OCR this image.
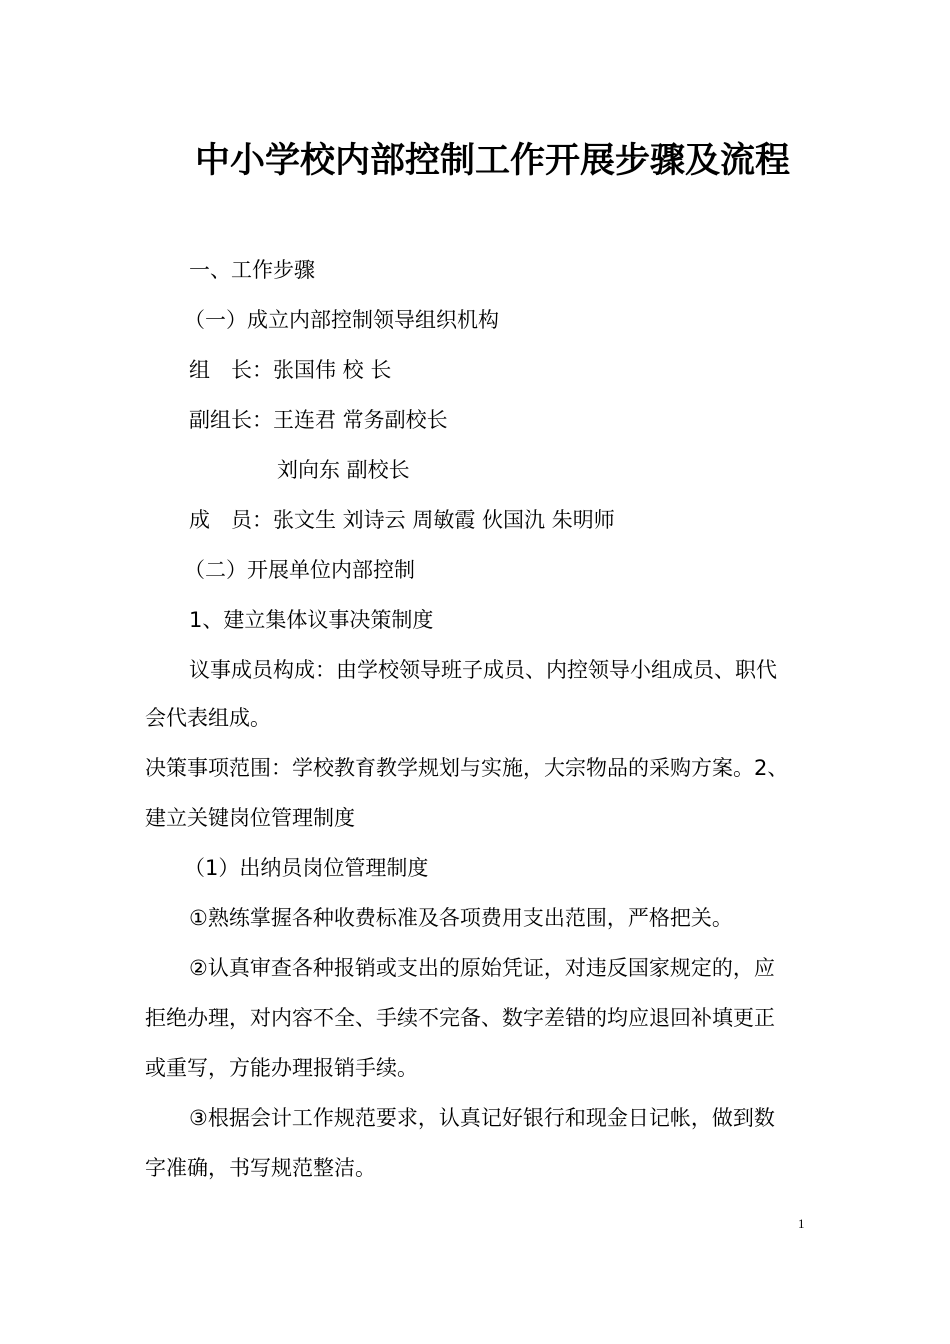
中小学校内部控制工作开展步骤及流程

一、工作步骤

（一）成立内部控制领导组织机构

组　长：张国伟 校 长

副组长：王连君 常务副校长

刘向东 副校长

成　员：张文生 刘诗云 周敏霞 伙国氿 朱明师

（二）开展单位内部控制

1、建立集体议事决策制度

议事成员构成：由学校领导班子成员、内控领导小组成员、职代

会代表组成。

决策事项范围：学校教育教学规划与实施，大宗物品的采购方案。2、

建立关键岗位管理制度

（1）出纳员岗位管理制度

①熟练掌握各种收费标准及各项费用支出范围，严格把关。

②认真审查各种报销或支出的原始凭证，对违反国家规定的，应

拒绝办理，对内容不全、手续不完备、数字差错的均应退回补填更正

或重写，方能办理报销手续。

③根据会计工作规范要求，认真记好银行和现金日记帐，做到数

字准确，书写规范整洁。

1
